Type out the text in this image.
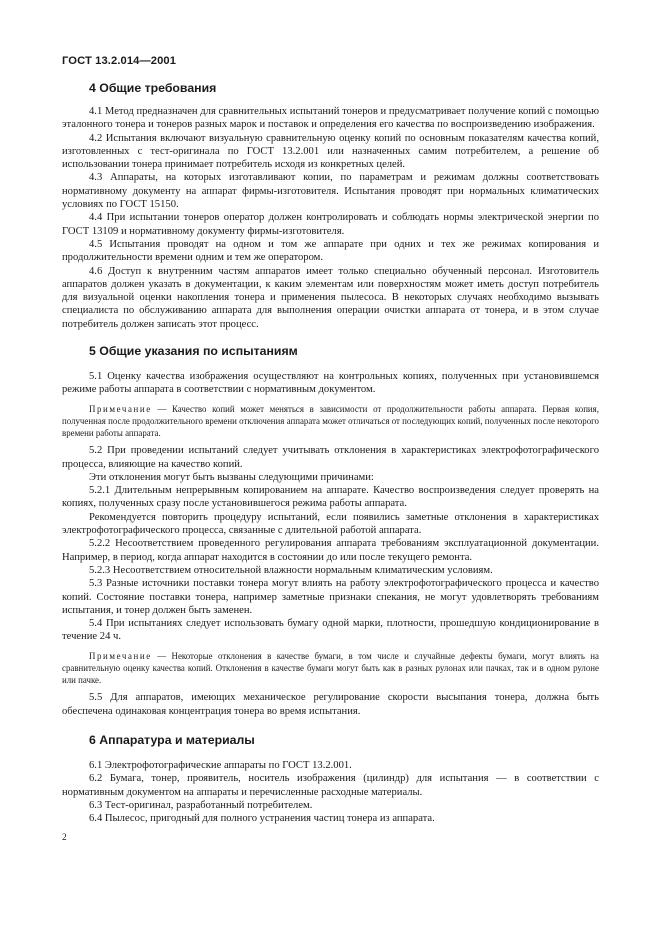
ГОСТ 13.2.014—2001
4 Общие требования

4.1 Метод предназначен для сравнительных испытаний тонеров и предусматривает получение копий с помощью эталонного тонера и тонеров разных марок и поставок и определения его качества по воспроизведению изображения.

4.2 Испытания включают визуальную сравнительную оценку копий по основным показателям качества копий, изготовленных с тест-оригинала по ГОСТ 13.2.001 или назначенных самим потребителем, а решение об использовании тонера принимает потребитель исходя из конкретных целей.

4.3 Аппараты, на которых изготавливают копии, по параметрам и режимам должны соответствовать нормативному документу на аппарат фирмы-изготовителя. Испытания проводят при нормальных климатических условиях по ГОСТ 15150.

4.4 При испытании тонеров оператор должен контролировать и соблюдать нормы электрической энергии по ГОСТ 13109 и нормативному документу фирмы-изготовителя.

4.5 Испытания проводят на одном и том же аппарате при одних и тех же режимах копирования и продолжительности времени одним и тем же оператором.

4.6 Доступ к внутренним частям аппаратов имеет только специально обученный персонал. Изготовитель аппаратов должен указать в документации, к каким элементам или поверхностям может иметь доступ потребитель для визуальной оценки накопления тонера и применения пылесоса. В некоторых случаях необходимо вызывать специалиста по обслуживанию аппарата для выполнения операции очистки аппарата от тонера, и в этом случае потребитель должен записать этот процесс.

5 Общие указания по испытаниям

5.1 Оценку качества изображения осуществляют на контрольных копиях, полученных при установившемся режиме работы аппарата в соответствии с нормативным документом.

Примечание — Качество копий может меняться в зависимости от продолжительности работы аппарата. Первая копия, полученная после продолжительного времени отключения аппарата может отличаться от последующих копий, полученных после некоторого времени работы аппарата.

5.2 При проведении испытаний следует учитывать отклонения в характеристиках электрофотографического процесса, влияющие на качество копий.

Эти отклонения могут быть вызваны следующими причинами:

5.2.1 Длительным непрерывным копированием на аппарате. Качество воспроизведения следует проверять на копиях, полученных сразу после установившегося режима работы аппарата.

Рекомендуется повторить процедуру испытаний, если появились заметные отклонения в характеристиках электрофотографического процесса, связанные с длительной работой аппарата.

5.2.2 Несоответствием проведенного регулирования аппарата требованиям эксплуатационной документации. Например, в период, когда аппарат находится в состоянии до или после текущего ремонта.

5.2.3 Несоответствием относительной влажности нормальным климатическим условиям.

5.3 Разные источники поставки тонера могут влиять на работу электрофотографического процесса и качество копий. Состояние поставки тонера, например заметные признаки спекания, не могут удовлетворять требованиям испытания, и тонер должен быть заменен.

5.4 При испытаниях следует использовать бумагу одной марки, плотности, прошедшую кондиционирование в течение 24 ч.

Примечание — Некоторые отклонения в качестве бумаги, в том числе и случайные дефекты бумаги, могут влиять на сравнительную оценку качества копий. Отклонения в качестве бумаги могут быть как в разных рулонах или пачках, так и в одном рулоне или пачке.

5.5 Для аппаратов, имеющих механическое регулирование скорости высыпания тонера, должна быть обеспечена одинаковая концентрация тонера во время испытания.

6 Аппаратура и материалы

6.1 Электрофотографические аппараты по ГОСТ 13.2.001.

6.2 Бумага, тонер, проявитель, носитель изображения (цилиндр) для испытания — в соответствии с нормативным документом на аппараты и перечисленные расходные материалы.

6.3 Тест-оригинал, разработанный потребителем.

6.4 Пылесос, пригодный для полного устранения частиц тонера из аппарата.

2
